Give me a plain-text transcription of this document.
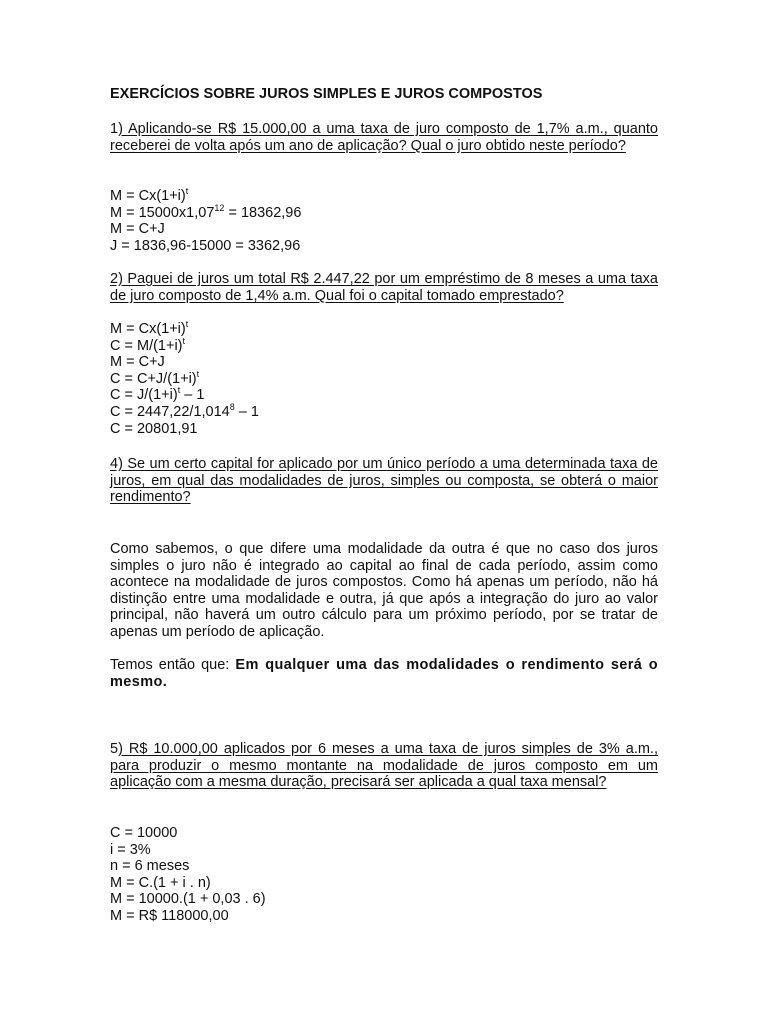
EXERCÍCIOS SOBRE JUROS SIMPLES E JUROS COMPOSTOS
1) Aplicando-se R$ 15.000,00 a uma taxa de juro composto de 1,7% a.m., quanto receberei de volta após um ano de aplicação? Qual o juro obtido neste período?
$M = Cx(1+i)^t$
$M = 15000x1,07^{12} = 18362,96$
M = C+J
J = 1836,96-15000 = 3362,96
2) Paguei de juros um total R$ 2.447,22 por um empréstimo de 8 meses a uma taxa de juro composto de 1,4% a.m. Qual foi o capital tomado emprestado?
$M = Cx(1+i)^t$
$C = M/(1+i)^t$
M = C+J
$C = C+J/(1+i)^t$
$C = J/(1+i)^t - 1$
$C = 2447,22/1,014^8 - 1$
C = 20801,91
4) Se um certo capital for aplicado por um único período a uma determinada taxa de juros, em qual das modalidades de juros, simples ou composta, se obterá o maior rendimento?
Como sabemos, o que difere uma modalidade da outra é que no caso dos juros simples o juro não é integrado ao capital ao final de cada período, assim como acontece na modalidade de juros compostos. Como há apenas um período, não há distinção entre uma modalidade e outra, já que após a integração do juro ao valor principal, não haverá um outro cálculo para um próximo período, por se tratar de apenas um período de aplicação.
Temos então que: Em qualquer uma das modalidades o rendimento será o mesmo.
5) R$ 10.000,00 aplicados por 6 meses a uma taxa de juros simples de 3% a.m., para produzir o mesmo montante na modalidade de juros composto em um aplicação com a mesma duração, precisará ser aplicada a qual taxa mensal?
C = 10000
i = 3%
n = 6 meses
M = C.(1 + i . n)
M = 10000.(1 + 0,03 . 6)
M = R$ 118000,00
